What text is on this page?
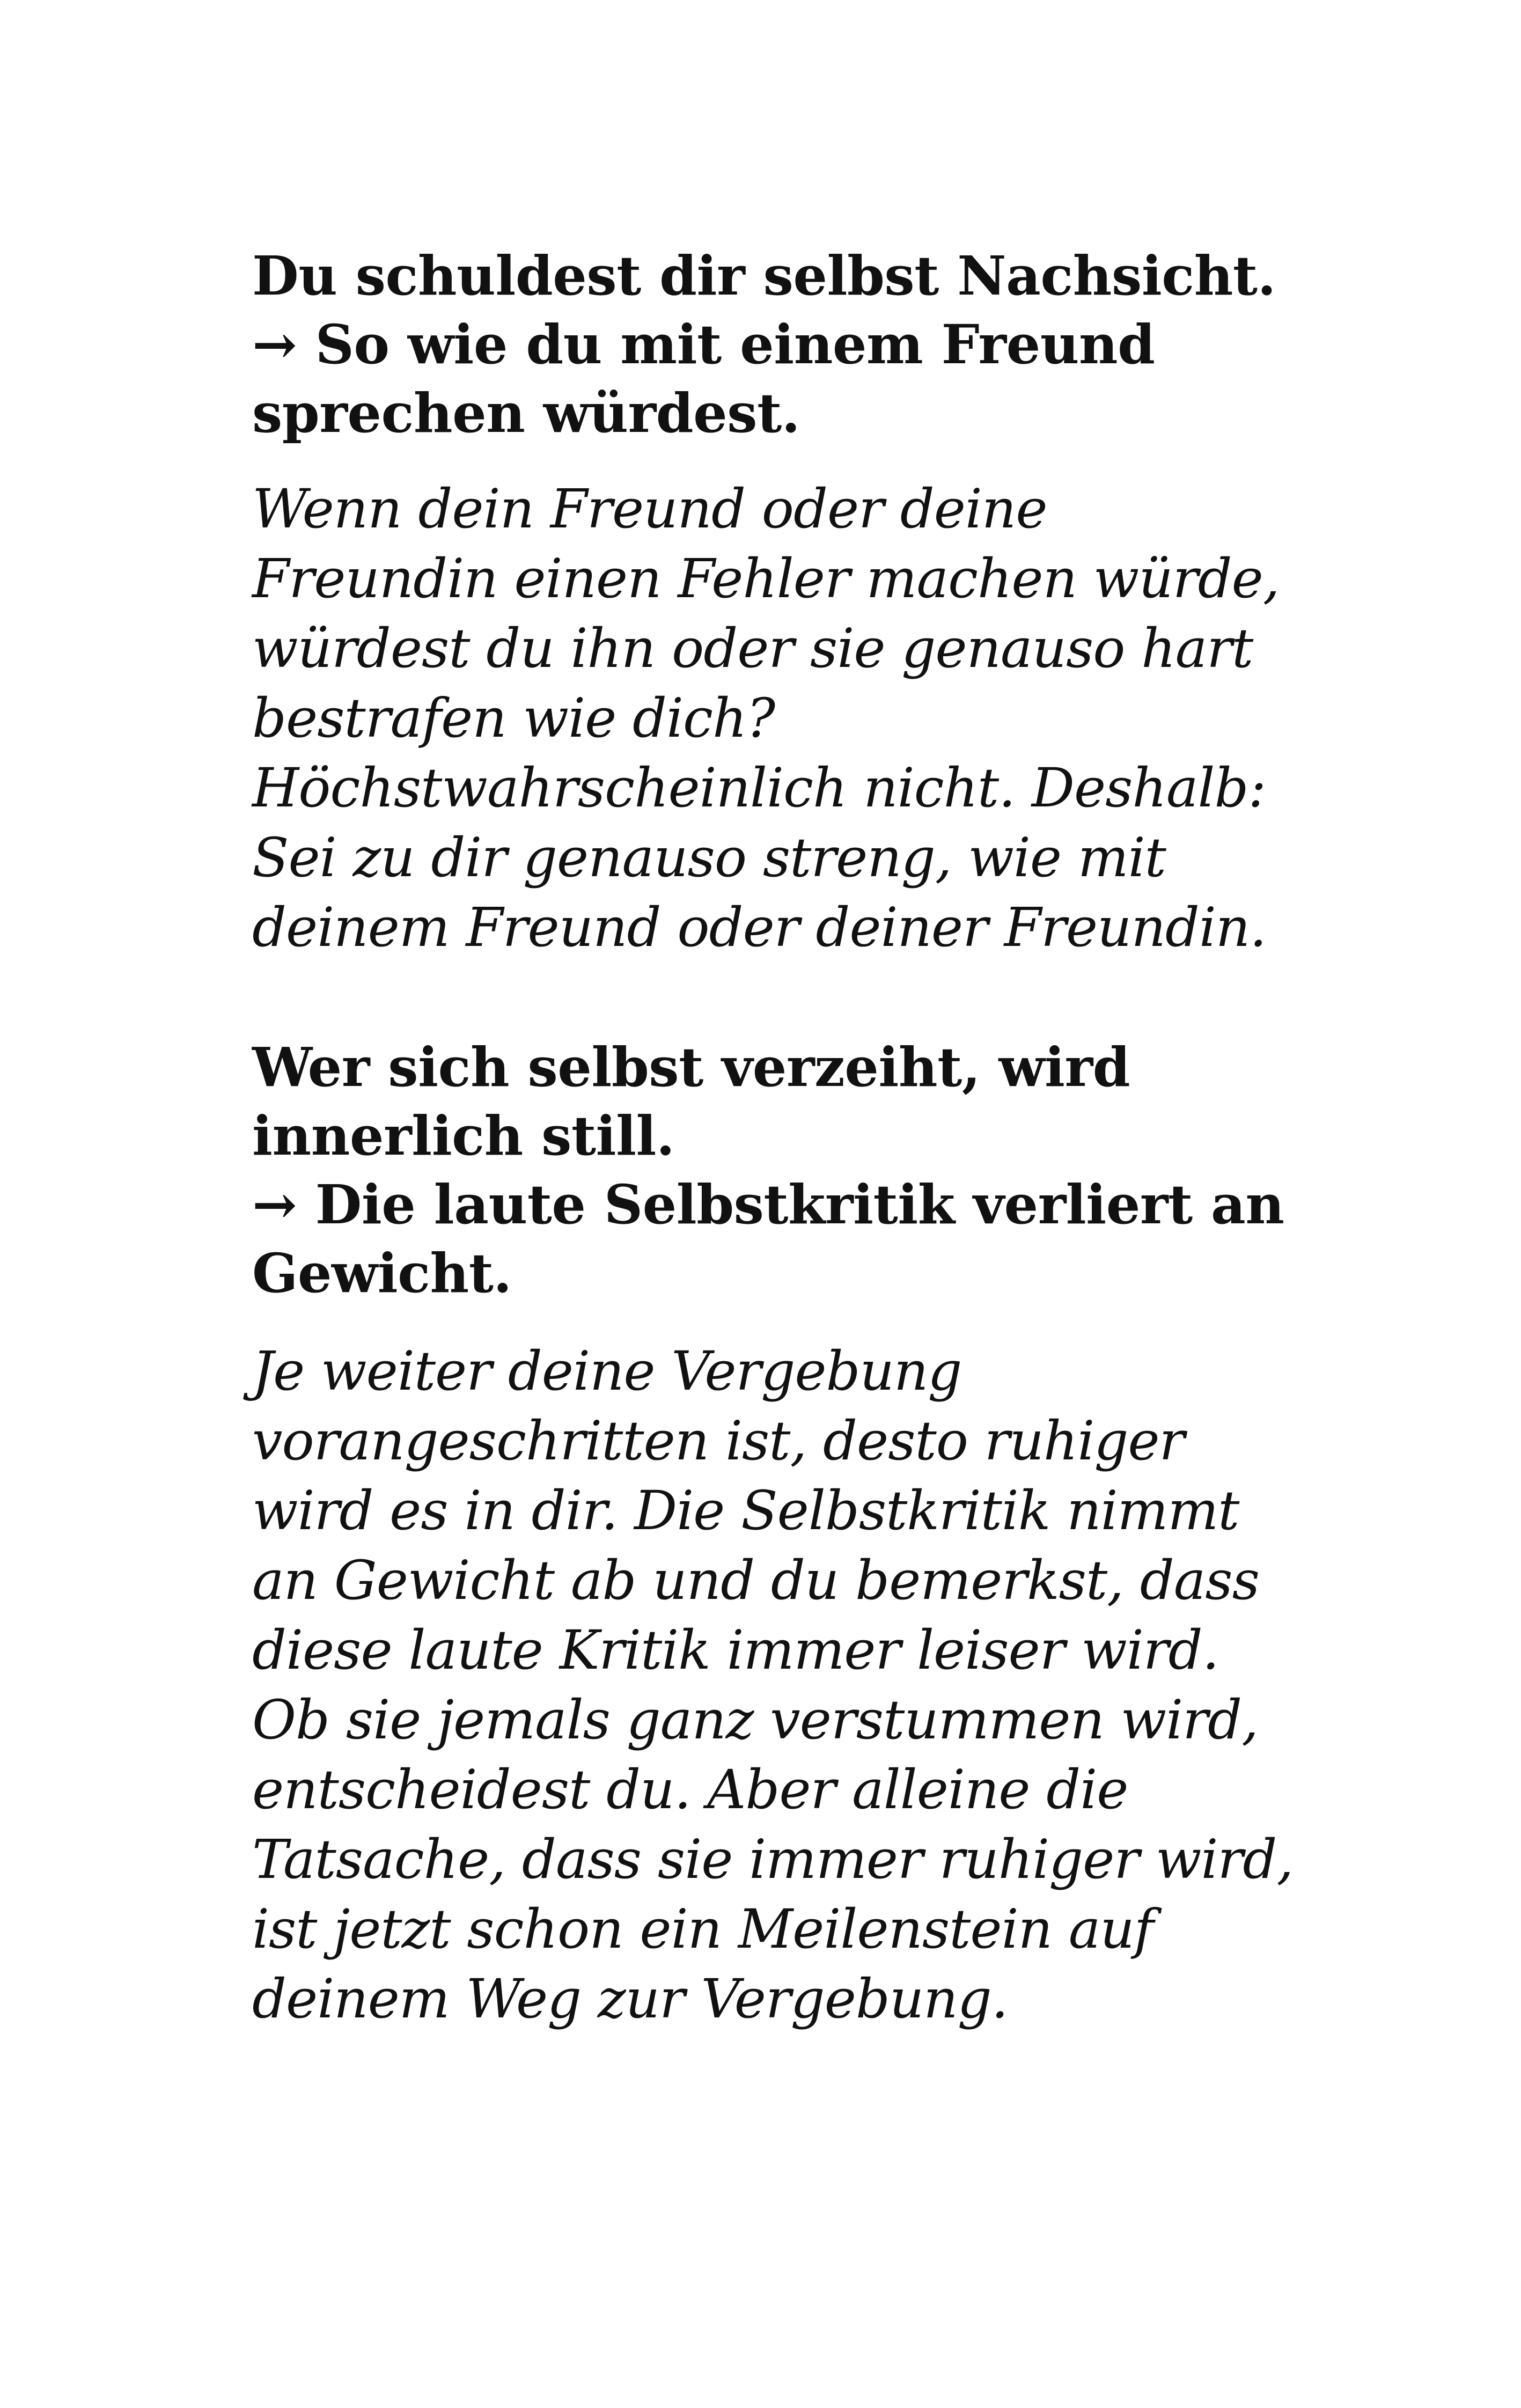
Du schuldest dir selbst Nachsicht.
→ So wie du mit einem Freund sprechen würdest.

Wenn dein Freund oder deine Freundin einen Fehler machen würde, würdest du ihn oder sie genauso hart bestrafen wie dich? Höchstwahrscheinlich nicht. Deshalb: Sei zu dir genauso streng, wie mit deinem Freund oder deiner Freundin.

Wer sich selbst verzeiht, wird innerlich still.
→ Die laute Selbstkritik verliert an Gewicht.

Je weiter deine Vergebung vorangeschritten ist, desto ruhiger wird es in dir. Die Selbstkritik nimmt an Gewicht ab und du bemerkst, dass diese laute Kritik immer leiser wird. Ob sie jemals ganz verstummen wird, entscheidest du. Aber alleine die Tatsache, dass sie immer ruhiger wird, ist jetzt schon ein Meilenstein auf deinem Weg zur Vergebung.
